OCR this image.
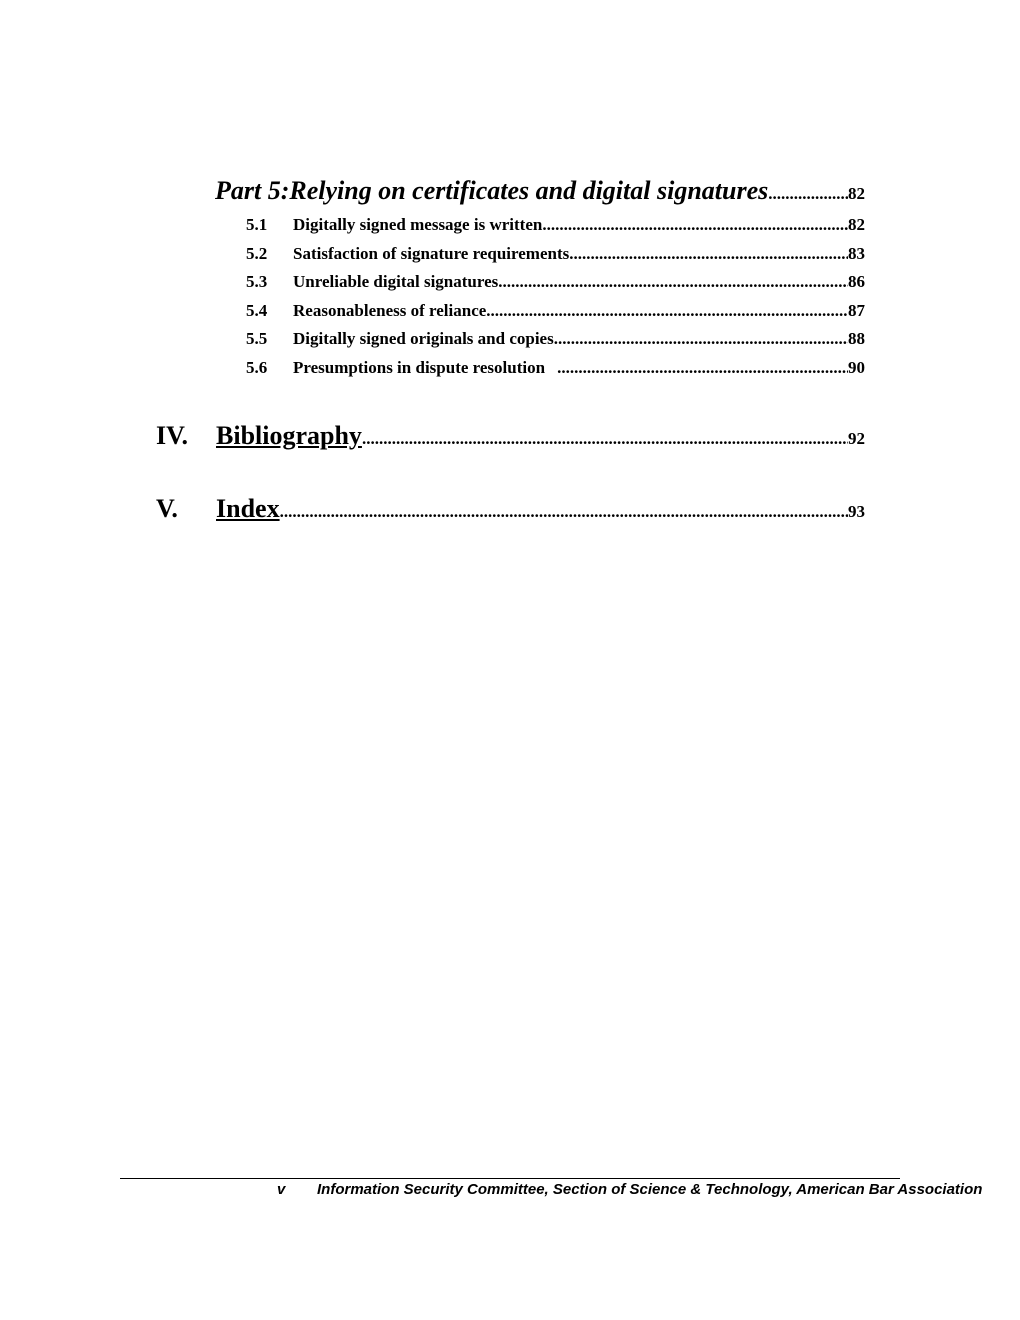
Part 5:Relying on certificates and digital signatures .....	82
5.1	Digitally signed message is written .....	82
5.2	Satisfaction of signature requirements .....	83
5.3	Unreliable digital signatures .....	86
5.4	Reasonableness of reliance .....	87
5.5	Digitally signed originals and copies .....	88
5.6	Presumptions in dispute resolution .....	90
IV.	Bibliography .....	92
V.	Index .....	93
v Information Security Committee, Section of Science & Technology, American Bar Association
